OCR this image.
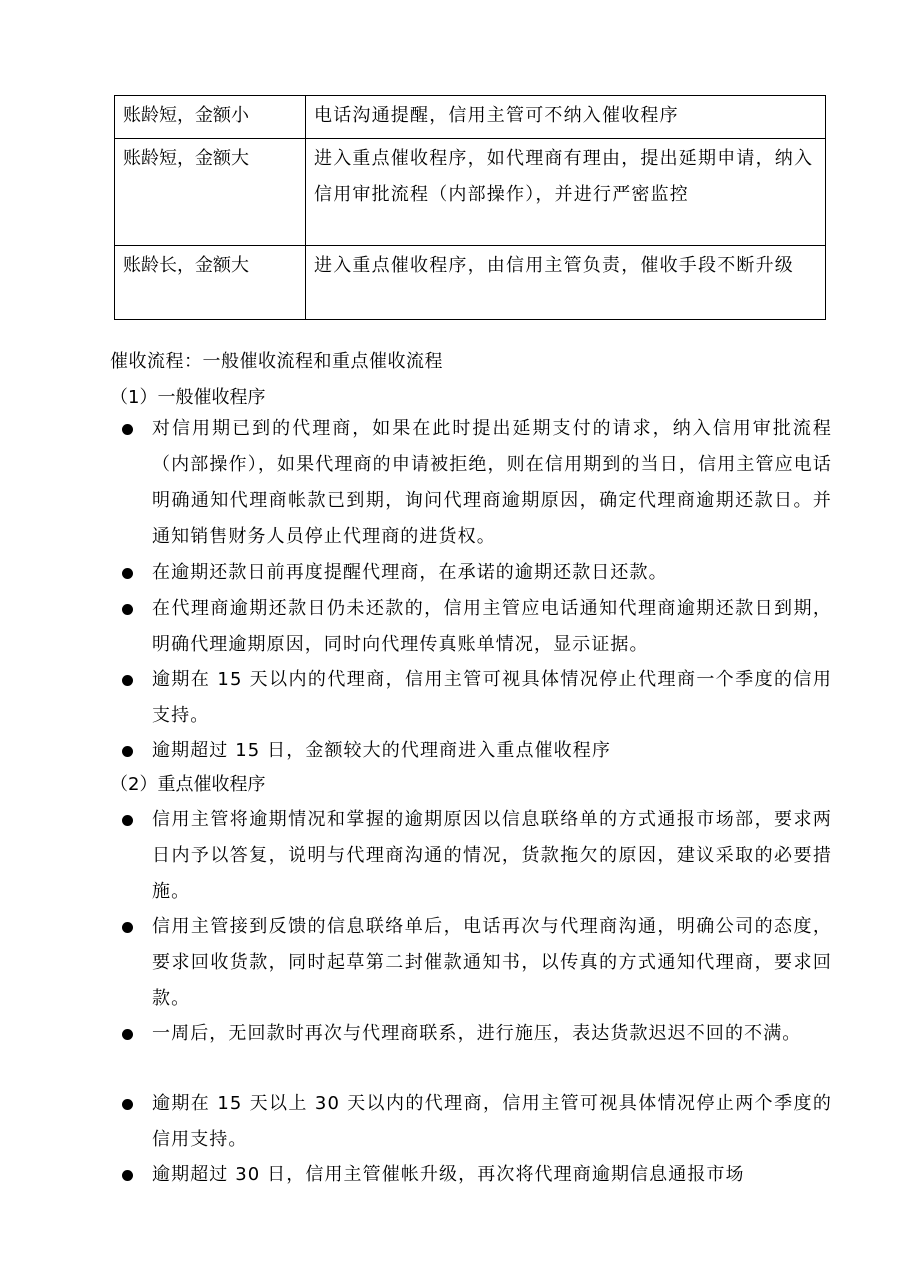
账龄短，金额小	电话沟通提醒，信用主管可不纳入催收程序
账龄短，金额大	进入重点催收程序，如代理商有理由，提出延期申请，纳入信用审批流程（内部操作），并进行严密监控
账龄长，金额大	进入重点催收程序，由信用主管负责，催收手段不断升级
催收流程：一般催收流程和重点催收流程
（1）一般催收程序
对信用期已到的代理商，如果在此时提出延期支付的请求，纳入信用审批流程（内部操作），如果代理商的申请被拒绝，则在信用期到的当日，信用主管应电话明确通知代理商帐款已到期，询问代理商逾期原因，确定代理商逾期还款日。并通知销售财务人员停止代理商的进货权。
在逾期还款日前再度提醒代理商，在承诺的逾期还款日还款。
在代理商逾期还款日仍未还款的，信用主管应电话通知代理商逾期还款日到期，明确代理逾期原因，同时向代理传真账单情况，显示证据。
逾期在 15 天以内的代理商，信用主管可视具体情况停止代理商一个季度的信用支持。
逾期超过 15 日，金额较大的代理商进入重点催收程序
（2）重点催收程序
信用主管将逾期情况和掌握的逾期原因以信息联络单的方式通报市场部，要求两日内予以答复，说明与代理商沟通的情况，货款拖欠的原因，建议采取的必要措施。
信用主管接到反馈的信息联络单后，电话再次与代理商沟通，明确公司的态度，要求回收货款，同时起草第二封催款通知书，以传真的方式通知代理商，要求回款。
一周后，无回款时再次与代理商联系，进行施压，表达货款迟迟不回的不满。
逾期在 15 天以上 30 天以内的代理商，信用主管可视具体情况停止两个季度的信用支持。
逾期超过 30 日，信用主管催帐升级，再次将代理商逾期信息通报市场
